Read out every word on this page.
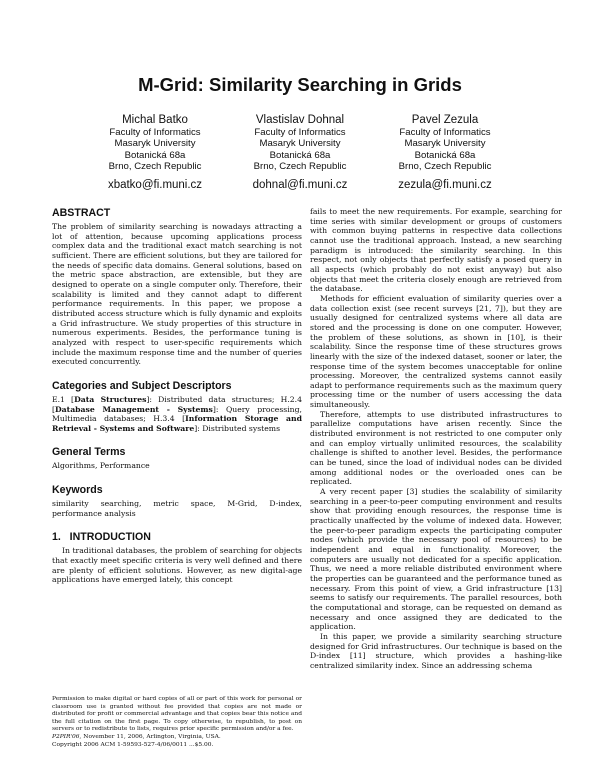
M-Grid: Similarity Searching in Grids
Michal Batko
Faculty of Informatics
Masaryk University
Botanická 68a
Brno, Czech Republic
xbatko@fi.muni.cz
Vlastislav Dohnal
Faculty of Informatics
Masaryk University
Botanická 68a
Brno, Czech Republic
dohnal@fi.muni.cz
Pavel Zezula
Faculty of Informatics
Masaryk University
Botanická 68a
Brno, Czech Republic
zezula@fi.muni.cz
ABSTRACT

The problem of similarity searching is nowadays attracting a lot of attention, because upcoming applications process complex data and the traditional exact match searching is not sufficient. There are efficient solutions, but they are tailored for the needs of specific data domains. General solutions, based on the metric space abstraction, are extensible, but they are designed to operate on a single computer only. Therefore, their scalability is limited and they cannot adapt to different performance requirements. In this paper, we propose a distributed access structure which is fully dynamic and exploits a Grid infrastructure. We study properties of this structure in numerous experiments. Besides, the performance tuning is analyzed with respect to user-specific requirements which include the maximum response time and the number of queries executed concurrently.

Categories and Subject Descriptors

E.1 [Data Structures]: Distributed data structures; H.2.4 [Database Management - Systems]: Query processing, Multimedia databases; H.3.4 [Information Storage and Retrieval - Systems and Software]: Distributed systems

General Terms

Algorithms, Performance

Keywords

similarity searching, metric space, M-Grid, D-index, performance analysis

1.   INTRODUCTION

In traditional databases, the problem of searching for objects that exactly meet specific criteria is very well defined and there are plenty of efficient solutions. However, as new digital-age applications have emerged lately, this concept

Permission to make digital or hard copies of all or part of this work for personal or classroom use is granted without fee provided that copies are not made or distributed for profit or commercial advantage and that copies bear this notice and the full citation on the first page. To copy otherwise, to republish, to post on servers or to redistribute to lists, requires prior specific permission and/or a fee.

P2PIR'06, November 11, 2006, Arlington, Virginia, USA.

Copyright 2006 ACM 1-59593-527-4/06/0011 ...$5.00.

fails to meet the new requirements. For example, searching for time series with similar development or groups of customers with common buying patterns in respective data collections cannot use the traditional approach. Instead, a new searching paradigm is introduced: the similarity searching. In this respect, not only objects that perfectly satisfy a posed query in all aspects (which probably do not exist anyway) but also objects that meet the criteria closely enough are retrieved from the database.

Methods for efficient evaluation of similarity queries over a data collection exist (see recent surveys [21, 7]), but they are usually designed for centralized systems where all data are stored and the processing is done on one computer. However, the problem of these solutions, as shown in [10], is their scalability. Since the response time of these structures grows linearly with the size of the indexed dataset, sooner or later, the response time of the system becomes unacceptable for online processing. Moreover, the centralized systems cannot easily adapt to performance requirements such as the maximum query processing time or the number of users accessing the data simultaneously.

Therefore, attempts to use distributed infrastructures to parallelize computations have arisen recently. Since the distributed environment is not restricted to one computer only and can employ virtually unlimited resources, the scalability challenge is shifted to another level. Besides, the performance can be tuned, since the load of individual nodes can be divided among additional nodes or the overloaded ones can be replicated.

A very recent paper [3] studies the scalability of similarity searching in a peer-to-peer computing environment and results show that providing enough resources, the response time is practically unaffected by the volume of indexed data. However, the peer-to-peer paradigm expects the participating computer nodes (which provide the necessary pool of resources) to be independent and equal in functionality. Moreover, the computers are usually not dedicated for a specific application. Thus, we need a more reliable distributed environment where the properties can be guaranteed and the performance tuned as necessary. From this point of view, a Grid infrastructure [13] seems to satisfy our requirements. The parallel resources, both the computational and storage, can be requested on demand as necessary and once assigned they are dedicated to the application.

In this paper, we provide a similarity searching structure designed for Grid infrastructures. Our technique is based on the D-index [11] structure, which provides a hashing-like centralized similarity index. Since an addressing schema
